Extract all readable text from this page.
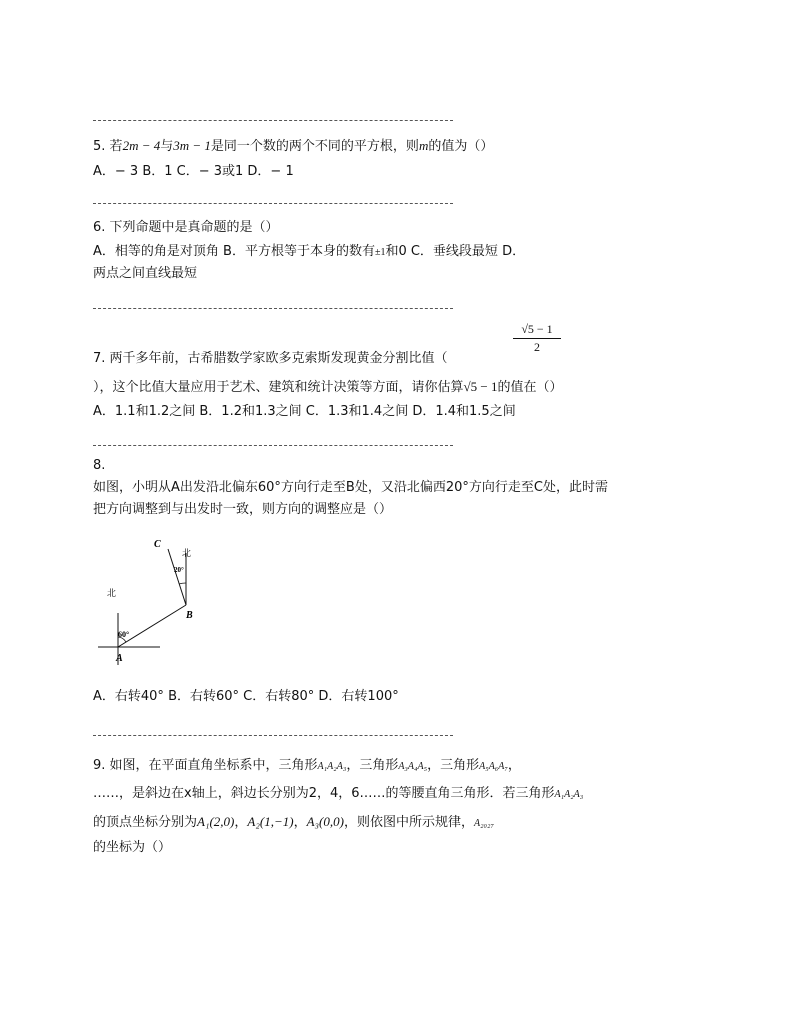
5. 若2m − 4与3m − 1是同一个数的两个不同的平方根，则m的值为（）
A．− 3 B．1 C．− 3或1 D．− 1
6. 下列命题中是真命题的是（）
A．相等的角是对顶角 B．平方根等于本身的数有±1和0 C．垂线段最短 D．
两点之间直线最短
√5 − 1
2
7. 两千多年前，古希腊数学家欧多克索斯发现黄金分割比值（
），这个比值大量应用于艺术、建筑和统计决策等方面，请你估算√5 − 1的值在（）
A．1.1和1.2之间 B．1.2和1.3之间 C．1.3和1.4之间 D．1.4和1.5之间
8.
如图，小明从A出发沿北偏东60°方向行走至B处，又沿北偏西20°方向行走至C处，此时需
把方向调整到与出发时一致，则方向的调整应是（）
C
北
20°
北
B
60°
A
A．右转40° B．右转60° C．右转80° D．右转100°
9. 如图，在平面直角坐标系中，三角形A₁A₂A₃，三角形A₃A₄A₅，三角形A₅A₆A₇，
……，是斜边在x轴上，斜边长分别为2，4，6……的等腰直角三角形．若三角形A₁A₂A₃
的顶点坐标分别为A₁(2,0)，A₂(1,−1)，A₃(0,0)，则依图中所示规律，A₂₀₂₇
的坐标为（）
